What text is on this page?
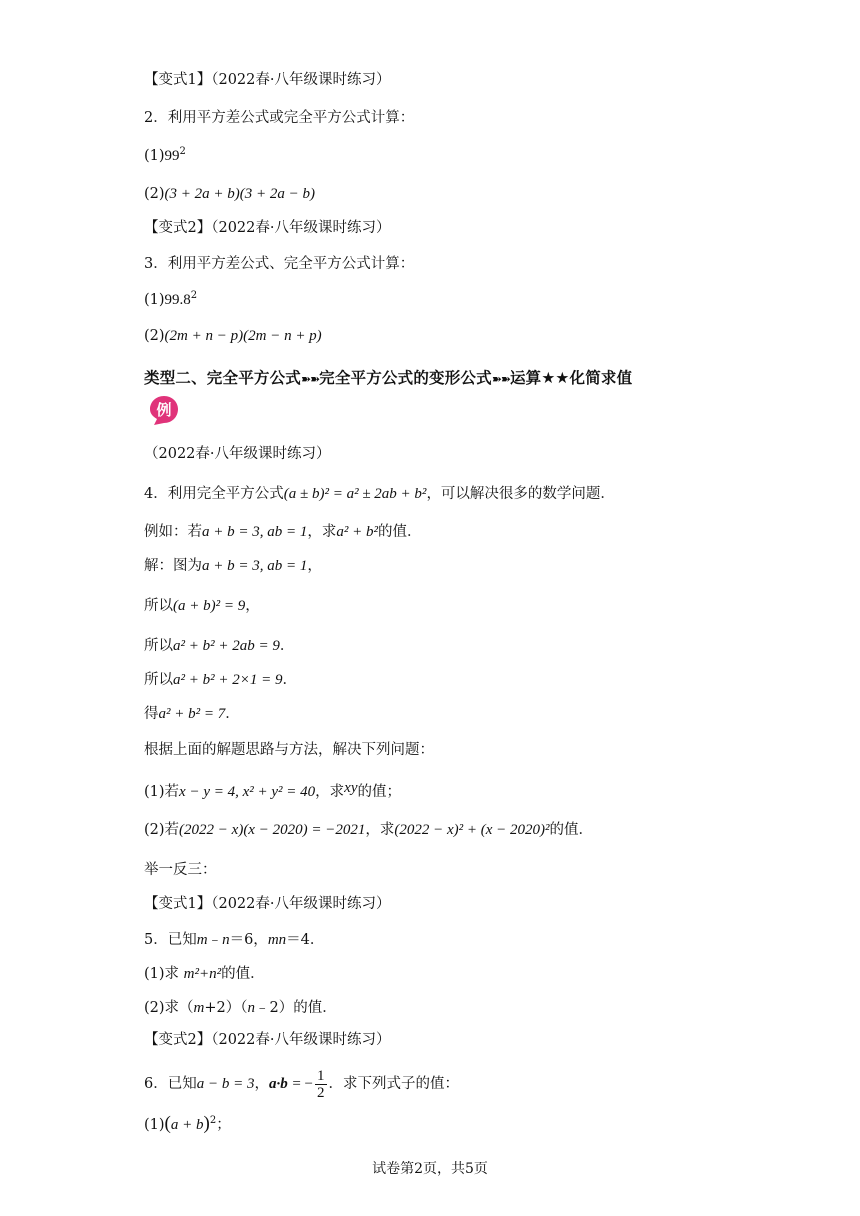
【变式1】（2022春·八年级课时练习）
2．利用平方差公式或完全平方公式计算：
$(1)99^2$
(2)(3 + 2a + b)(3 + 2a − b)
【变式2】（2022春·八年级课时练习）
3．利用平方差公式、完全平方公式计算：
(1)99.8$^2$
(2)(2m + n − p)(2m − n + p)
类型二、完全平方公式➽➽完全平方公式的变形公式➽➽运算★★化简求值
例
（2022春·八年级课时练习）
4．利用完全平方公式(a ± b)² = a² ± 2ab + b²，可以解决很多的数学问题．
例如：若a + b = 3, ab = 1，求a² + b²的值．
解：图为a + b = 3, ab = 1，
所以(a + b)² = 9，
所以a² + b² + 2ab = 9．
所以a² + b² + 2×1 = 9．
得a² + b² = 7．
根据上面的解题思路与方法，解决下列问题：
(1)若x − y = 4, x² + y² = 40，求xy的值；
(2)若(2022 − x)(x − 2020) = −2021，求(2022 − x)² + (x − 2020)²的值．
举一反三：
【变式1】（2022春·八年级课时练习）
5．已知m﹣n＝6，mn＝4．
(1)求 m²+n²的值．
(2)求（m+2）（n﹣2）的值．
【变式2】（2022春·八年级课时练习）
6．已知a − b = 3，a·b = − $\frac{1}{2}$ ．求下列式子的值：
$(1)(a + b)^2$；
试卷第2页，共5页
